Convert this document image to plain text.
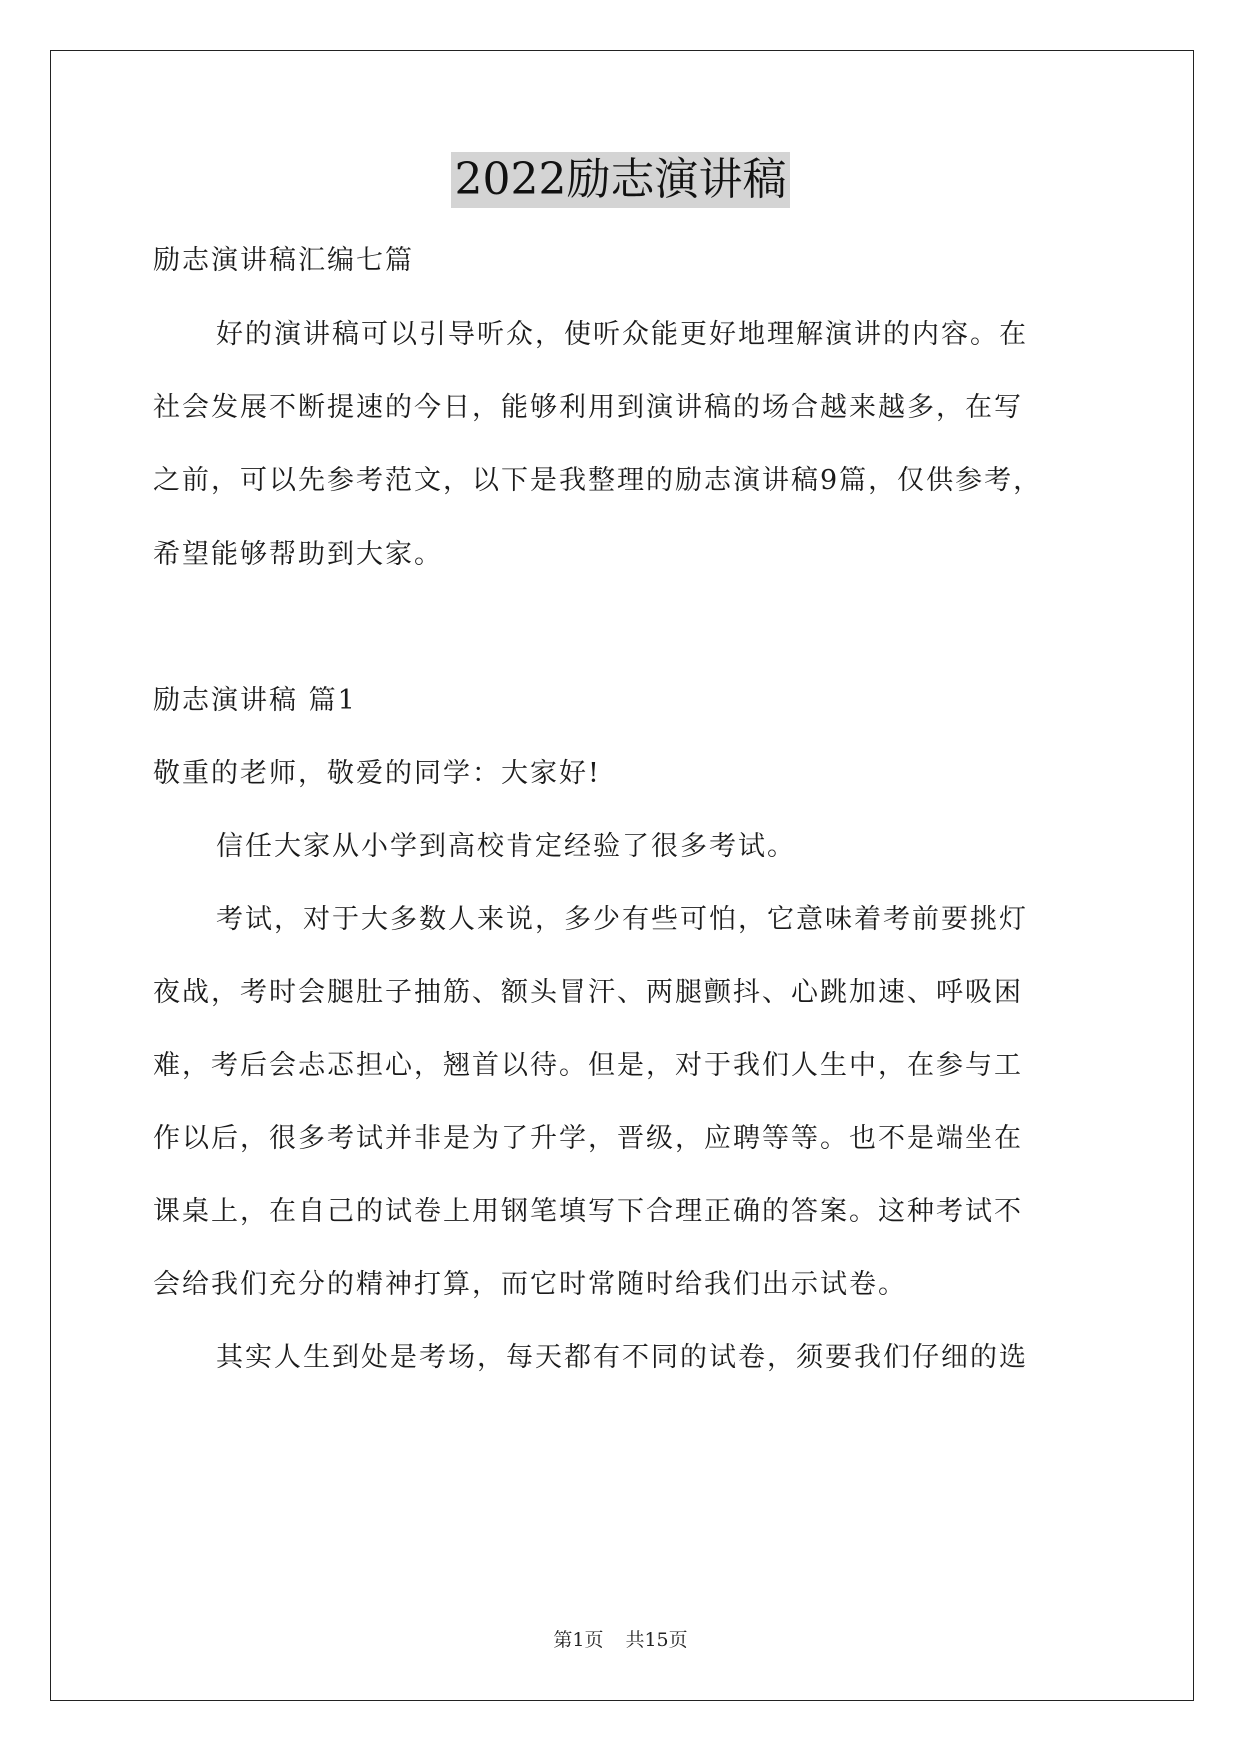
2022励志演讲稿
励志演讲稿汇编七篇
好的演讲稿可以引导听众，使听众能更好地理解演讲的内容。在
社会发展不断提速的今日，能够利用到演讲稿的场合越来越多，在写
之前，可以先参考范文，以下是我整理的励志演讲稿9篇，仅供参考，
希望能够帮助到大家。
励志演讲稿 篇1
敬重的老师，敬爱的同学：大家好!
信任大家从小学到高校肯定经验了很多考试。
考试，对于大多数人来说，多少有些可怕，它意味着考前要挑灯
夜战，考时会腿肚子抽筋、额头冒汗、两腿颤抖、心跳加速、呼吸困
难，考后会忐忑担心，翘首以待。但是，对于我们人生中，在参与工
作以后，很多考试并非是为了升学，晋级，应聘等等。也不是端坐在
课桌上，在自己的试卷上用钢笔填写下合理正确的答案。这种考试不
会给我们充分的精神打算，而它时常随时给我们出示试卷。
其实人生到处是考场，每天都有不同的试卷，须要我们仔细的选
第1页 共15页
